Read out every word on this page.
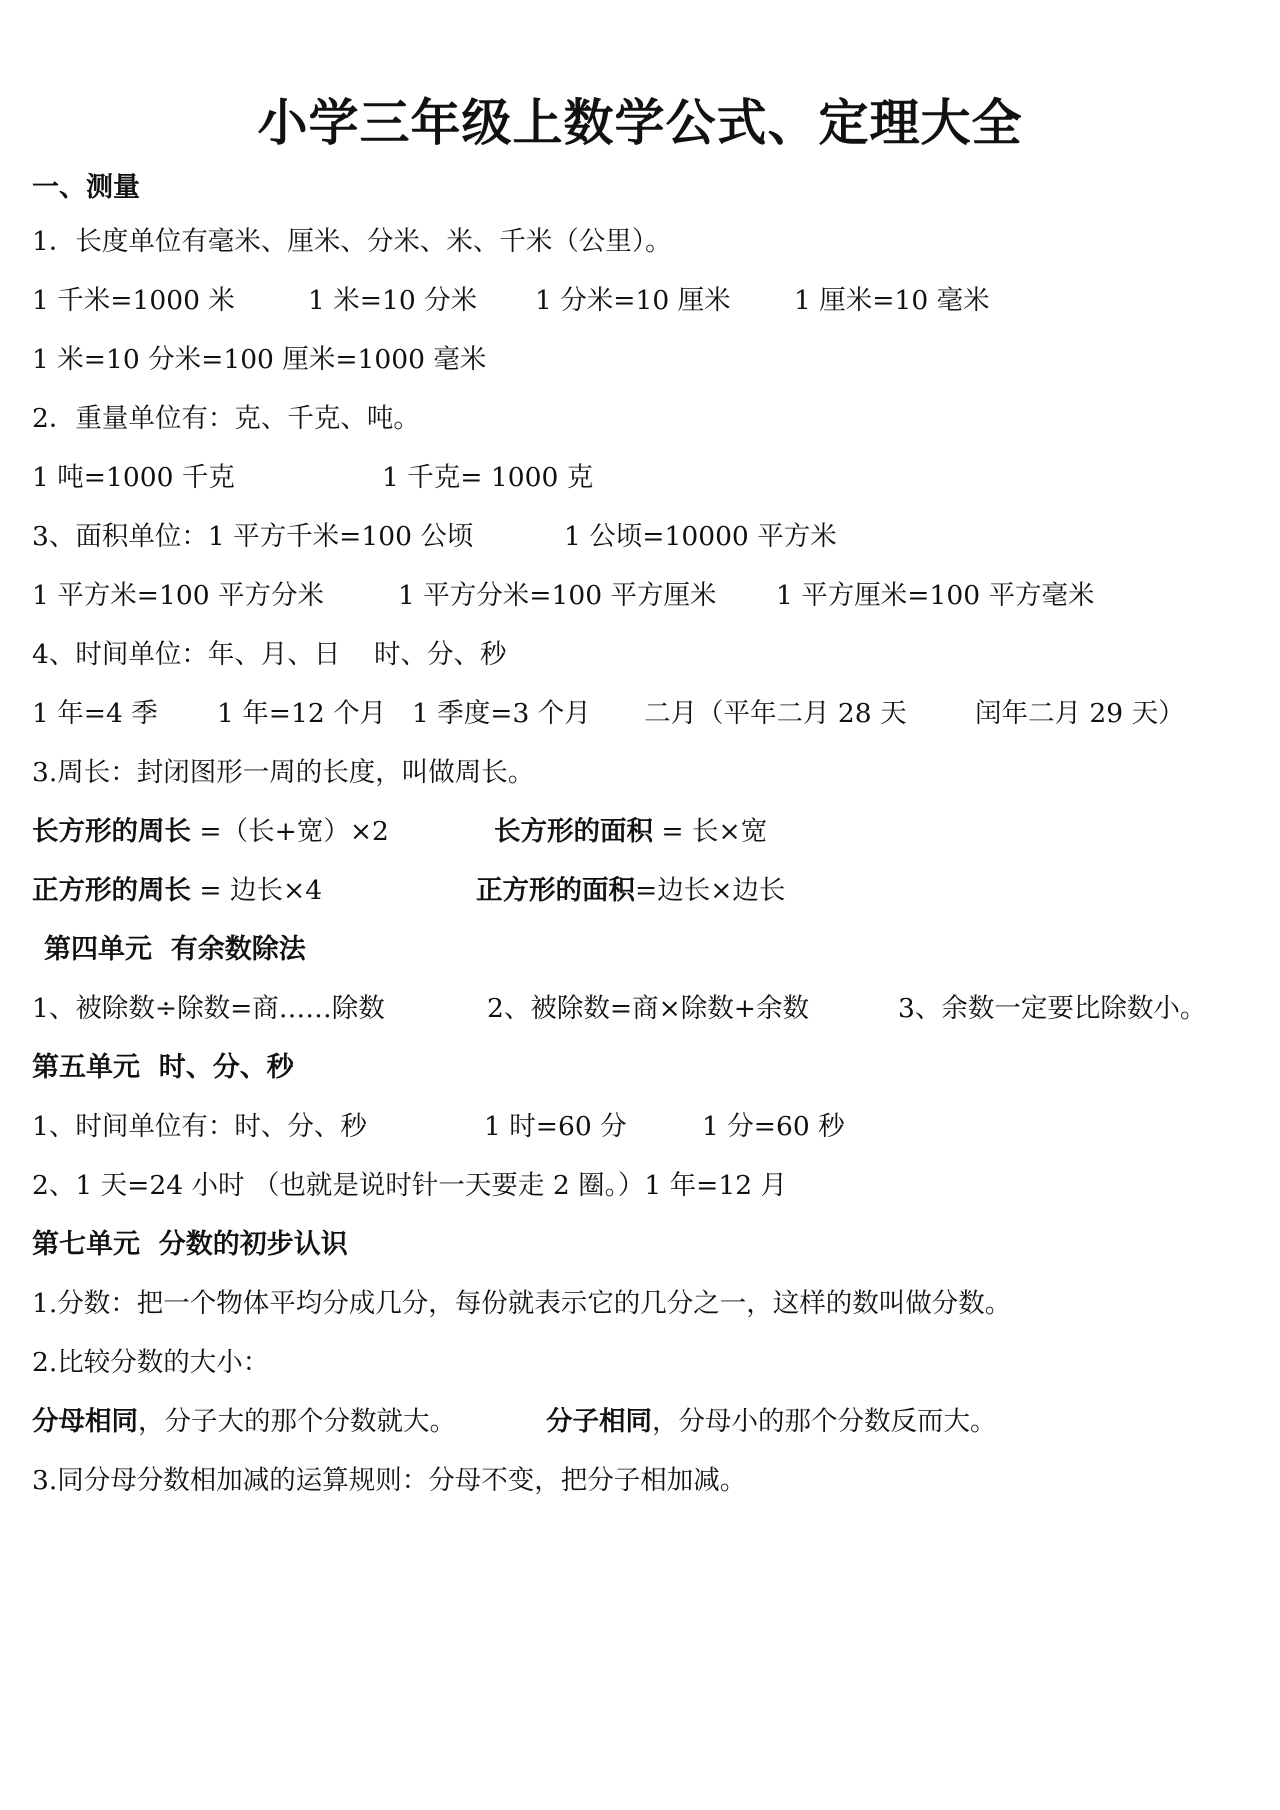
小学三年级上数学公式、定理大全
一、测量
1．长度单位有毫米、厘米、分米、米、千米（公里）。

1 千米=1000 米

	1 米=10 分米

1 分米=10 厘米

1 厘米=10 毫米

1 米=10 分米=100 厘米=1000 毫米
2．重量单位有：克、千克、吨。

1 吨=1000 千克

	1 千克= 1000 克

3、面积单位：1 平方千米=100 公顷

	1 公顷=10000 平方米

1 平方米=100 平方分米

	1 平方分米=100 平方厘米

1 平方厘米=100 平方毫米

4、时间单位：年、月、日    时、分、秒

1 年=4 季

1 年=12 个月

1 季度=3 个月

二月（平年二月 28 天

	闰年二月 29 天）

3.周长：封闭图形一周的长度，叫做周长。

长方形的周长 =（长+宽）×2

	长方形的面积 = 长×宽

正方形的周长 = 边长×4

	正方形的面积=边长×边长

第四单元  有余数除法

1、被除数÷除数=商……除数

	2、被除数=商×除数+余数

	3、余数一定要比除数小。

第五单元  时、分、秒

1、时间单位有：时、分、秒

	1 时=60 分

	1 分=60 秒

2、1 天=24 小时 （也就是说时针一天要走 2 圈。）1 年=12 月
第七单元  分数的初步认识
1.分数：把一个物体平均分成几分，每份就表示它的几分之一，这样的数叫做分数。
2.比较分数的大小：

分母相同，分子大的那个分数就大。

	分子相同，分母小的那个分数反而大。

3.同分母分数相加减的运算规则：分母不变，把分子相加减。
